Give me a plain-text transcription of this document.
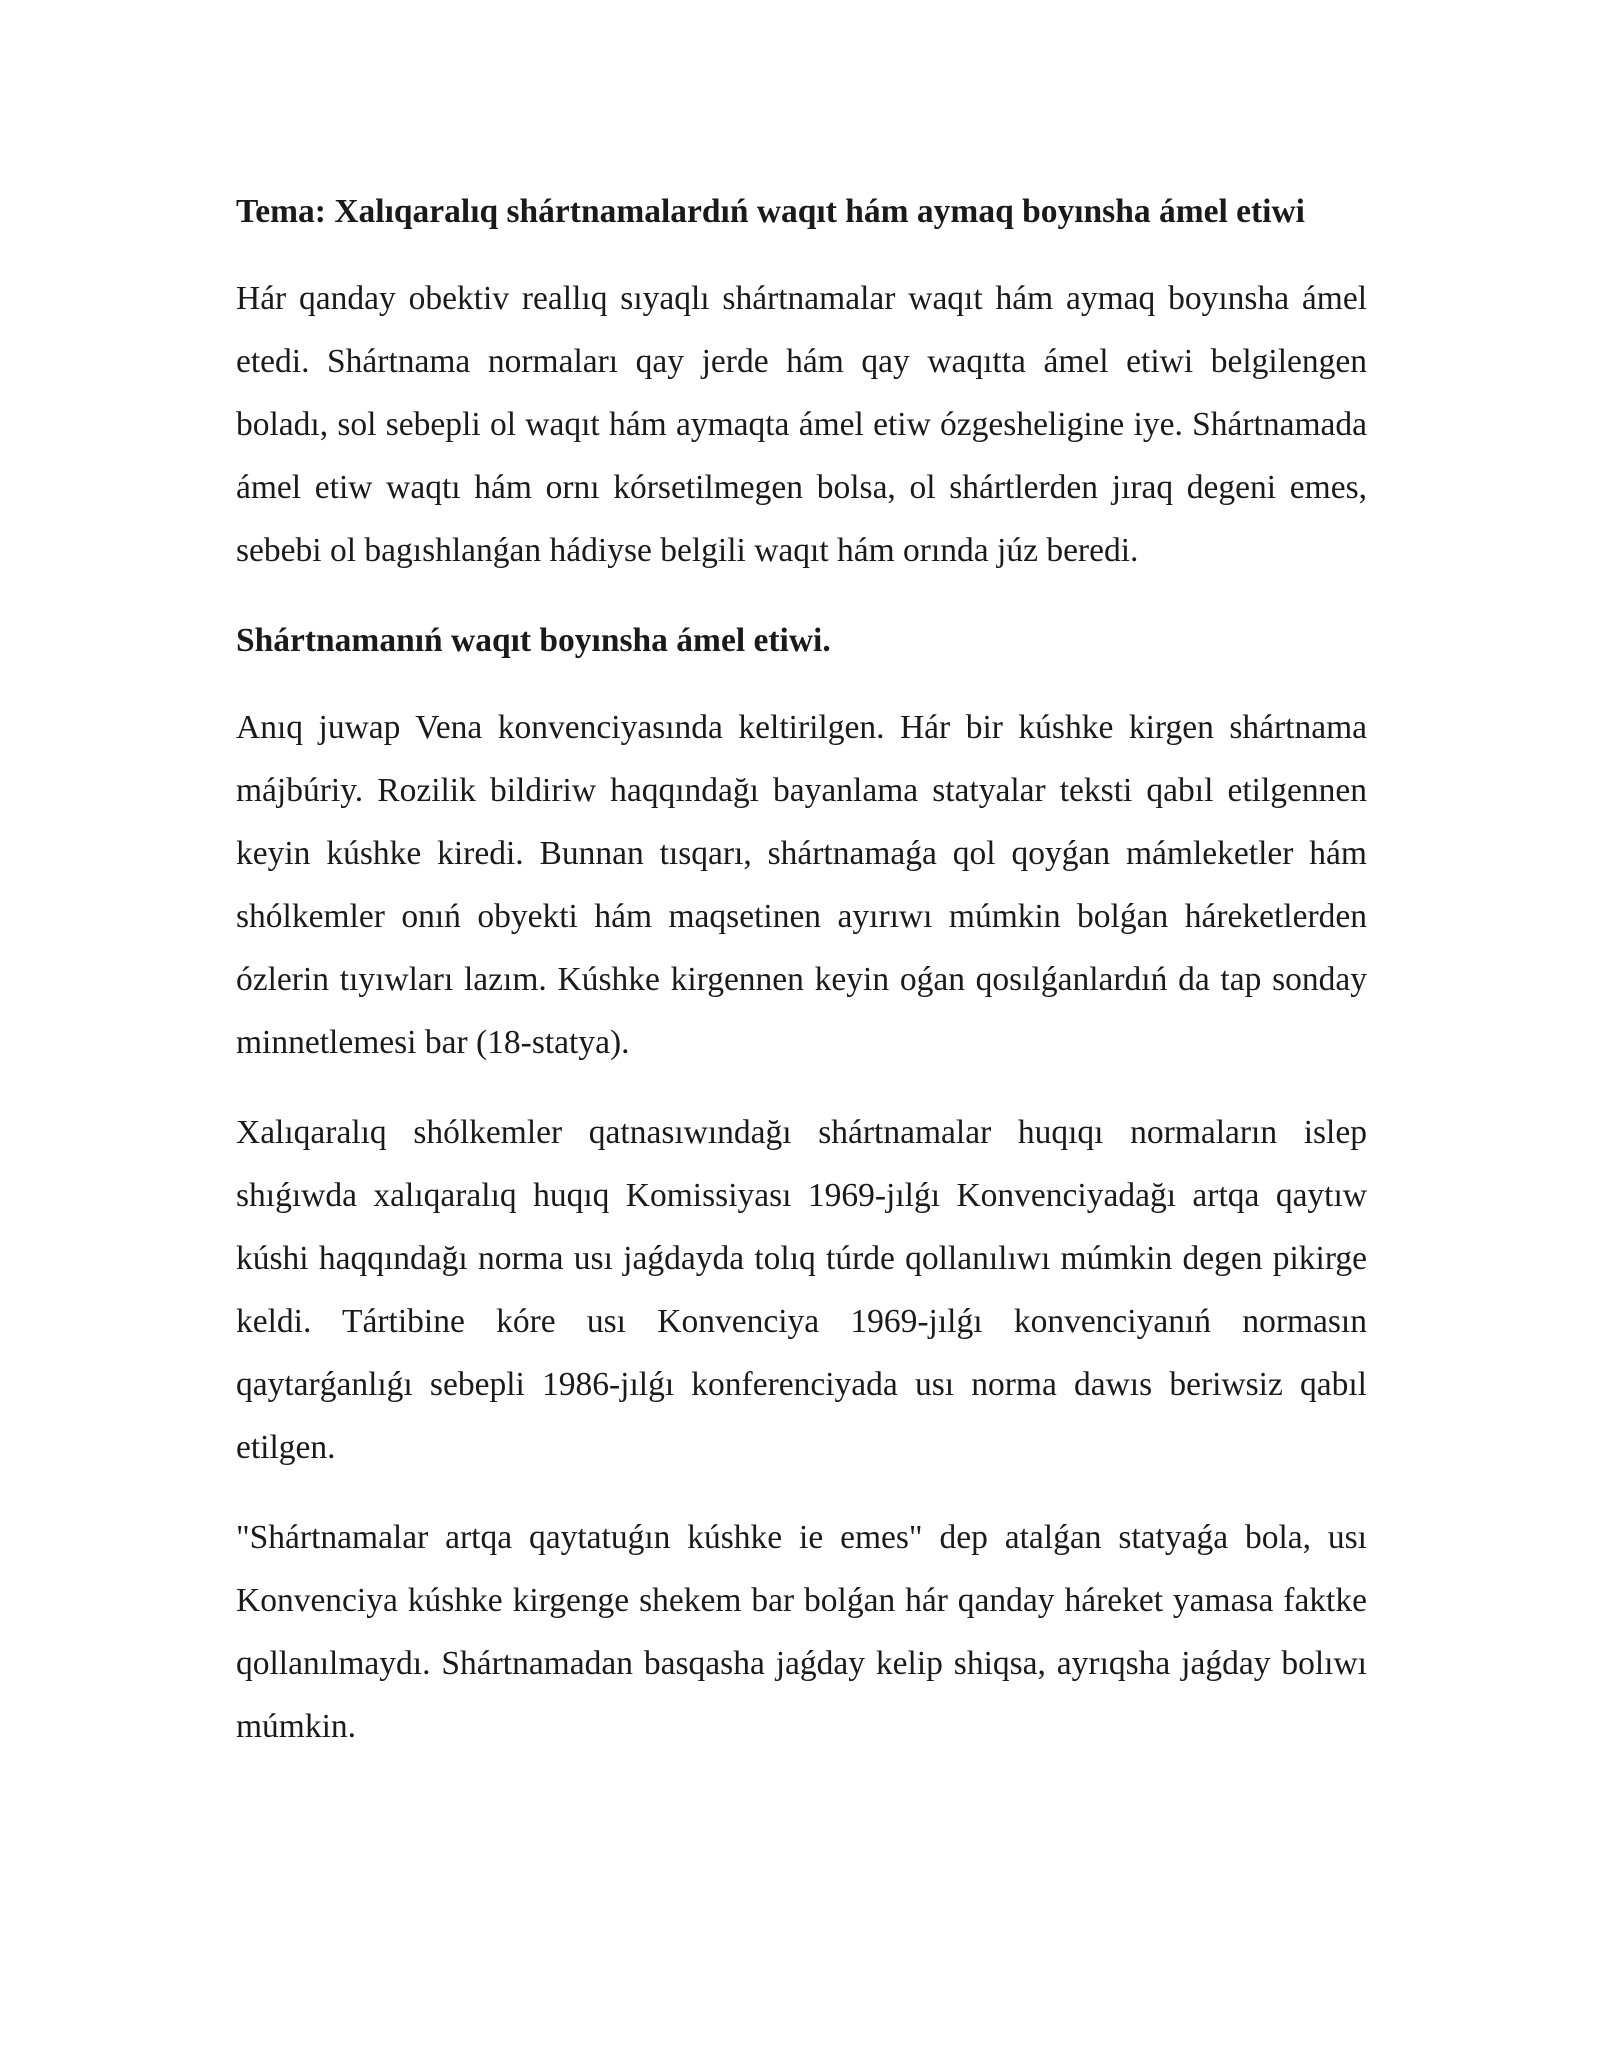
Tema: Xalıqaralıq shártnamalardıń waqıt hám aymaq boyınsha ámel etiwi

Hár qanday obektiv reallıq sıyaqlı shártnamalar waqıt hám aymaq boyınsha ámel etedi. Shártnama normaları qay jerde hám qay waqıtta ámel etiwi belgilengen boladı, sol sebepli ol waqıt hám aymaqta ámel etiw ózgesheligine iye. Shártnamada ámel etiw waqtı hám ornı kórsetilmegen bolsa, ol shártlerden jıraq degeni emes, sebebi ol bagıshlanǵan hádiyse belgili waqıt hám orında júz beredi.

Shártnamanıń waqıt boyınsha ámel etiwi.

Anıq juwap Vena konvenciyasında keltirilgen. Hár bir kúshke kirgen shártnama májbúriy. Rozilik bildiriw haqqındağı bayanlama statyalar teksti qabıl etilgennen keyin kúshke kiredi. Bunnan tısqarı, shártnamaǵa qol qoyǵan mámleketler hám shólkemler onıń obyekti hám maqsetinen ayırıwı múmkin bolǵan háreketlerden ózlerin tıyıwları lazım. Kúshke kirgennen keyin oǵan qosılǵanlardıń da tap sonday minnetlemesi bar (18-statya).

Xalıqaralıq shólkemler qatnasıwındağı shártnamalar huqıqı normaların islep shıǵıwda xalıqaralıq huqıq Komissiyası 1969-jılǵı Konvenciyadağı artqa qaytıw kúshi haqqındağı norma usı jaǵdayda tolıq túrde qollanılıwı múmkin degen pikirge keldi. Tártibine kóre usı Konvenciya 1969-jılǵı konvenciyanıń normasın qaytarǵanlıǵı sebepli 1986-jılǵı konferenciyada usı norma dawıs beriwsiz qabıl etilgen.

"Shártnamalar artqa qaytatuǵın kúshke ie emes" dep atalǵan statyaǵa bola, usı Konvenciya kúshke kirgenge shekem bar bolǵan hár qanday háreket yamasa faktke qollanılmaydı. Shártnamadan basqasha jaǵday kelip shiqsa, ayrıqsha jaǵday bolıwı múmkin.
